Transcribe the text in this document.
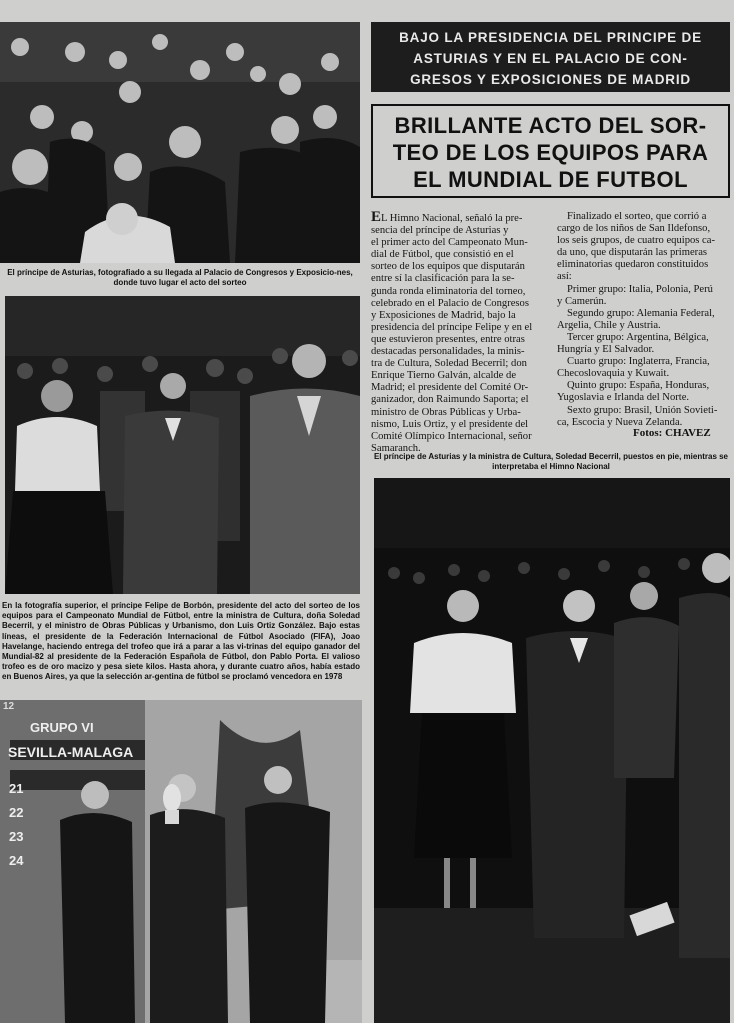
El príncipe de Asturias, fotografiado a su llegada al Palacio de Congresos y Exposicio-nes, donde tuvo lugar el acto del sorteo
En la fotografía superior, el príncipe Felipe de Borbón, presidente del acto del sorteo de los equipos para el Campeonato Mundial de Fútbol, entre la ministra de Cultura, doña Soledad Becerril, y el ministro de Obras Públicas y Urbanismo, don Luis Ortiz González. Bajo estas líneas, el presidente de la Federación Internacional de Fútbol Asociado (FIFA), Joao Havelange, haciendo entrega del trofeo que irá a parar a las vi-trinas del equipo ganador del Mundial-82 al presidente de la Federación Española de Fútbol, don Pablo Porta. El valioso trofeo es de oro macizo y pesa siete kilos. Hasta ahora, y durante cuatro años, había estado en Buenos Aires, ya que la selección ar-gentina de fútbol se proclamó vencedora en 1978
12
GRUPO VI
SEVILLA-MALAGA
21
22
23
24
BAJO LA PRESIDENCIA DEL PRINCIPE DE
ASTURIAS Y EN EL PALACIO DE CON-
GRESOS Y EXPOSICIONES DE MADRID
BRILLANTE ACTO DEL SOR-
TEO DE LOS EQUIPOS PARA
EL MUNDIAL DE FUTBOL
EL Himno Nacional, señaló la pre-
sencia del príncipe de Asturias y
el primer acto del Campeonato Mun-
dial de Fútbol, que consistió en el
sorteo de los equipos que disputarán
entre sí la clasificación para la se-
gunda ronda eliminatoria del torneo,
celebrado en el Palacio de Congresos
y Exposiciones de Madrid, bajo la
presidencia del príncipe Felipe y en el
que estuvieron presentes, entre otras
destacadas personalidades, la minis-
tra de Cultura, Soledad Becerril; don
Enrique Tierno Galván, alcalde de
Madrid; el presidente del Comité Or-
ganizador, don Raimundo Saporta; el
ministro de Obras Públicas y Urba-
nismo, Luis Ortiz, y el presidente del
Comité Olímpico Internacional, señor
Samaranch.
Finalizado el sorteo, que corrió a
cargo de los niños de San Ildefonso,
los seis grupos, de cuatro equipos ca-
da uno, que disputarán las primeras
eliminatorias quedaron constituidos
así:
Primer grupo: Italia, Polonia, Perú
y Camerún.
Segundo grupo: Alemania Federal,
Argelia, Chile y Austria.
Tercer grupo: Argentina, Bélgica,
Hungría y El Salvador.
Cuarto grupo: Inglaterra, Francia,
Checoslovaquia y Kuwait.
Quinto grupo: España, Honduras,
Yugoslavia e Irlanda del Norte.
Sexto grupo: Brasil, Unión Sovieti-
ca, Escocia y Nueva Zelanda.
Fotos: CHAVEZ
El príncipe de Asturias y la ministra de Cultura, Soledad Becerril, puestos en pie, mientras se interpretaba el Himno Nacional
